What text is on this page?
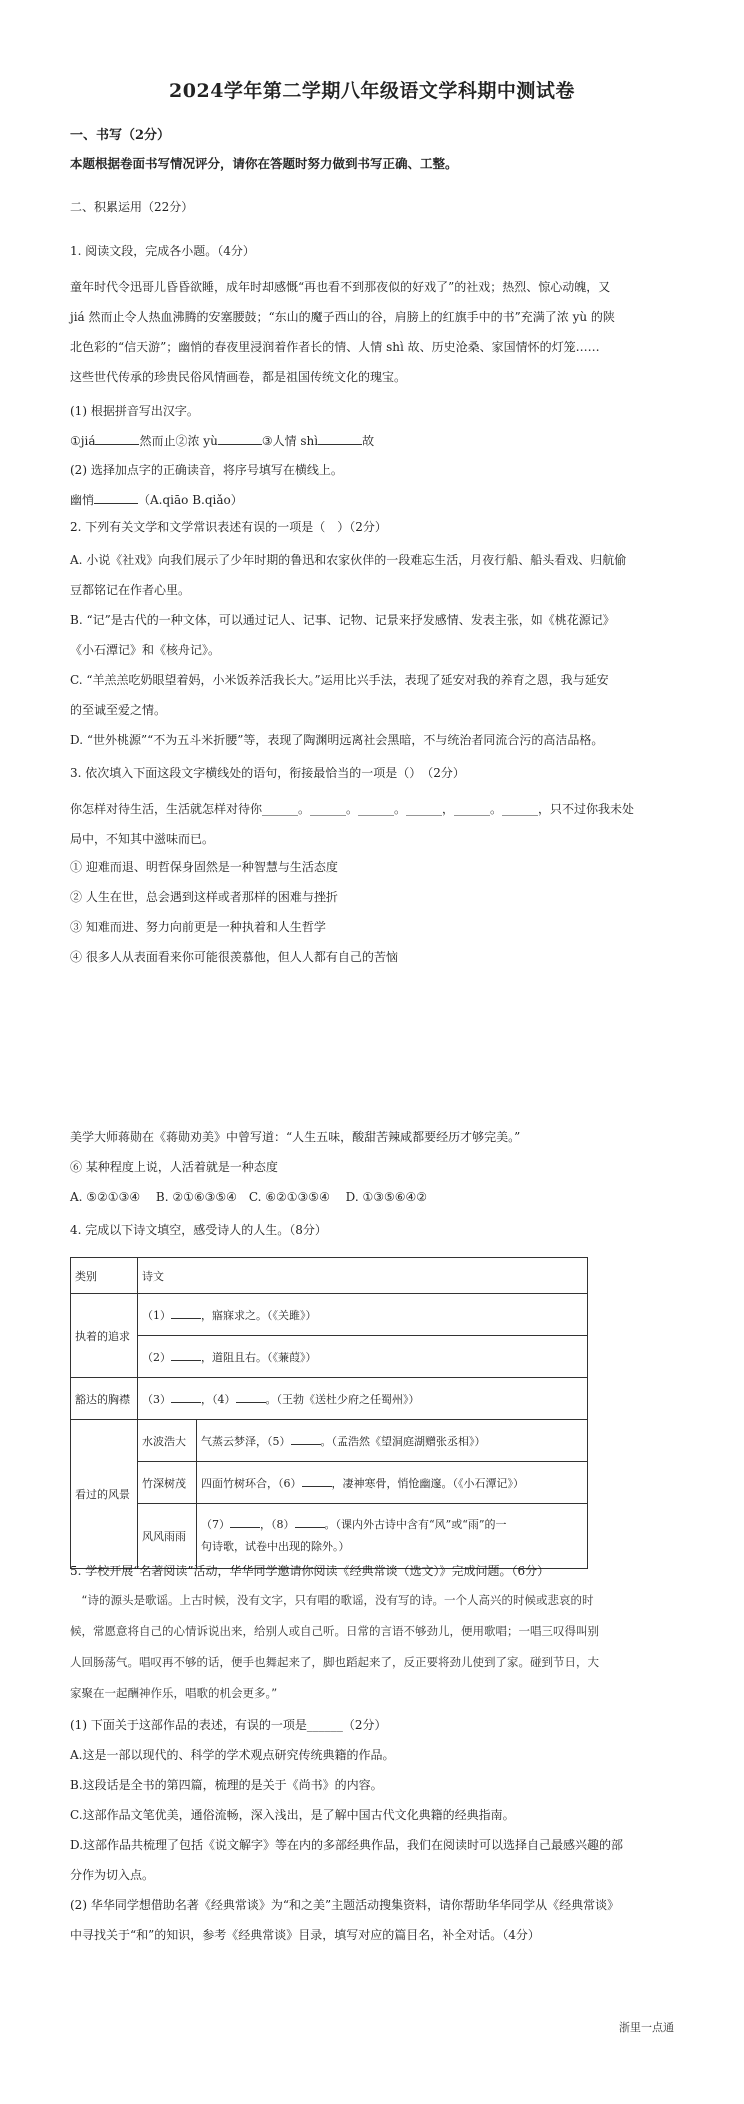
2024学年第二学期八年级语文学科期中测试卷
一、书写（2分）
本题根据卷面书写情况评分，请你在答题时努力做到书写正确、工整。
二、积累运用（22分）
1. 阅读文段，完成各小题。（4分）
童年时代令迅哥儿昏昏欲睡，成年时却感慨“再也看不到那夜似的好戏了”的社戏；热烈、惊心动魄，又
jiá 然而止令人热血沸腾的安塞腰鼓；“东山的魔子西山的谷，肩膀上的红旗手中的书”充满了浓 yù 的陕
北色彩的“信天游”；幽悄的春夜里浸润着作者长的情、人情 shì 故、历史沧桑、家国情怀的灯笼……
这些世代传承的珍贵民俗风情画卷，都是祖国传统文化的瑰宝。
(1) 根据拼音写出汉字。
①jiá	然而止②浓 yù	③人情 shì	故
(2) 选择加点字的正确读音，将序号填写在横线上。
幽悄	（A.qiāo B.qiǎo）
2. 下列有关文学和文学常识表述有误的一项是（　）（2分）
A. 小说《社戏》向我们展示了少年时期的鲁迅和农家伙伴的一段难忘生活，月夜行船、船头看戏、归航偷
豆都铭记在作者心里。
B. “记”是古代的一种文体，可以通过记人、记事、记物、记景来抒发感情、发表主张，如《桃花源记》
《小石潭记》和《核舟记》。
C. “羊羔羔吃奶眼望着妈，小米饭养活我长大。”运用比兴手法，表现了延安对我的养育之恩，我与延安
的至诚至爱之情。
D. “世外桃源”“不为五斗米折腰”等，表现了陶渊明远离社会黑暗，不与统治者同流合污的高洁品格。
3. 依次填入下面这段文字横线处的语句，衔接最恰当的一项是（）　（2分）
你怎样对待生活，生活就怎样对待你______。______。______。______，______。______，只不过你我未处
局中，不知其中滋味而已。
① 迎难而退、明哲保身固然是一种智慧与生活态度
② 人生在世，总会遇到这样或者那样的困难与挫折
③ 知难而进、努力向前更是一种执着和人生哲学
④ 很多人从表面看来你可能很羡慕他，但人人都有自己的苦恼
美学大师蒋勋在《蒋勋劝美》中曾写道：“人生五味，酸甜苦辣咸都要经历才够完美。”
⑥ 某种程度上说，人活着就是一种态度
A. ⑤②①③④　 B. ②①⑥③⑤④　C. ⑥②①③⑤④　 D. ①③⑤⑥④②
4. 完成以下诗文填空，感受诗人的人生。（8分）
类别	诗文	
执着的追求	（1） ，寤寐求之。（《关雎》）	
	（2） ，道阻且右。（《蒹葭》）	
豁达的胸襟	（3） ，（4） 。（王勃《送杜少府之任蜀州》）	
看过的风景	水波浩大	气蒸云梦泽，（5） 。（孟浩然《望洞庭湖赠张丞相》）
	竹深树茂	四面竹树环合，（6） ，凄神寒骨，悄怆幽邃。（《小石潭记》）
	风风雨雨	（7） ，（8） 。（课内外古诗中含有“风”或“雨”的一
句诗歌，试卷中出现的除外。）
5. 学校开展“名著阅读”活动，华华同学邀请你阅读《经典常谈（选文）》完成问题。（6分）
　“诗的源头是歌谣。上古时候，没有文字，只有唱的歌谣，没有写的诗。一个人高兴的时候或悲哀的时
候，常愿意将自己的心情诉说出来，给别人或自己听。日常的言语不够劲儿，便用歌唱；一唱三叹得叫别
人回肠荡气。唱叹再不够的话，便手也舞起来了，脚也蹈起来了，反正要将劲儿使到了家。碰到节日，大
家聚在一起酬神作乐，唱歌的机会更多。”
(1) 下面关于这部作品的表述，有误的一项是______（2分）
A.这是一部以现代的、科学的学术观点研究传统典籍的作品。
B.这段话是全书的第四篇，梳理的是关于《尚书》的内容。
C.这部作品文笔优美，通俗流畅，深入浅出，是了解中国古代文化典籍的经典指南。
D.这部作品共梳理了包括《说文解字》等在内的多部经典作品，我们在阅读时可以选择自己最感兴趣的部
分作为切入点。
(2) 华华同学想借助名著《经典常谈》为“和之美”主题活动搜集资料，请你帮助华华同学从《经典常谈》
中寻找关于“和”的知识，参考《经典常谈》目录，填写对应的篇目名，补全对话。（4分）
浙里一点通
